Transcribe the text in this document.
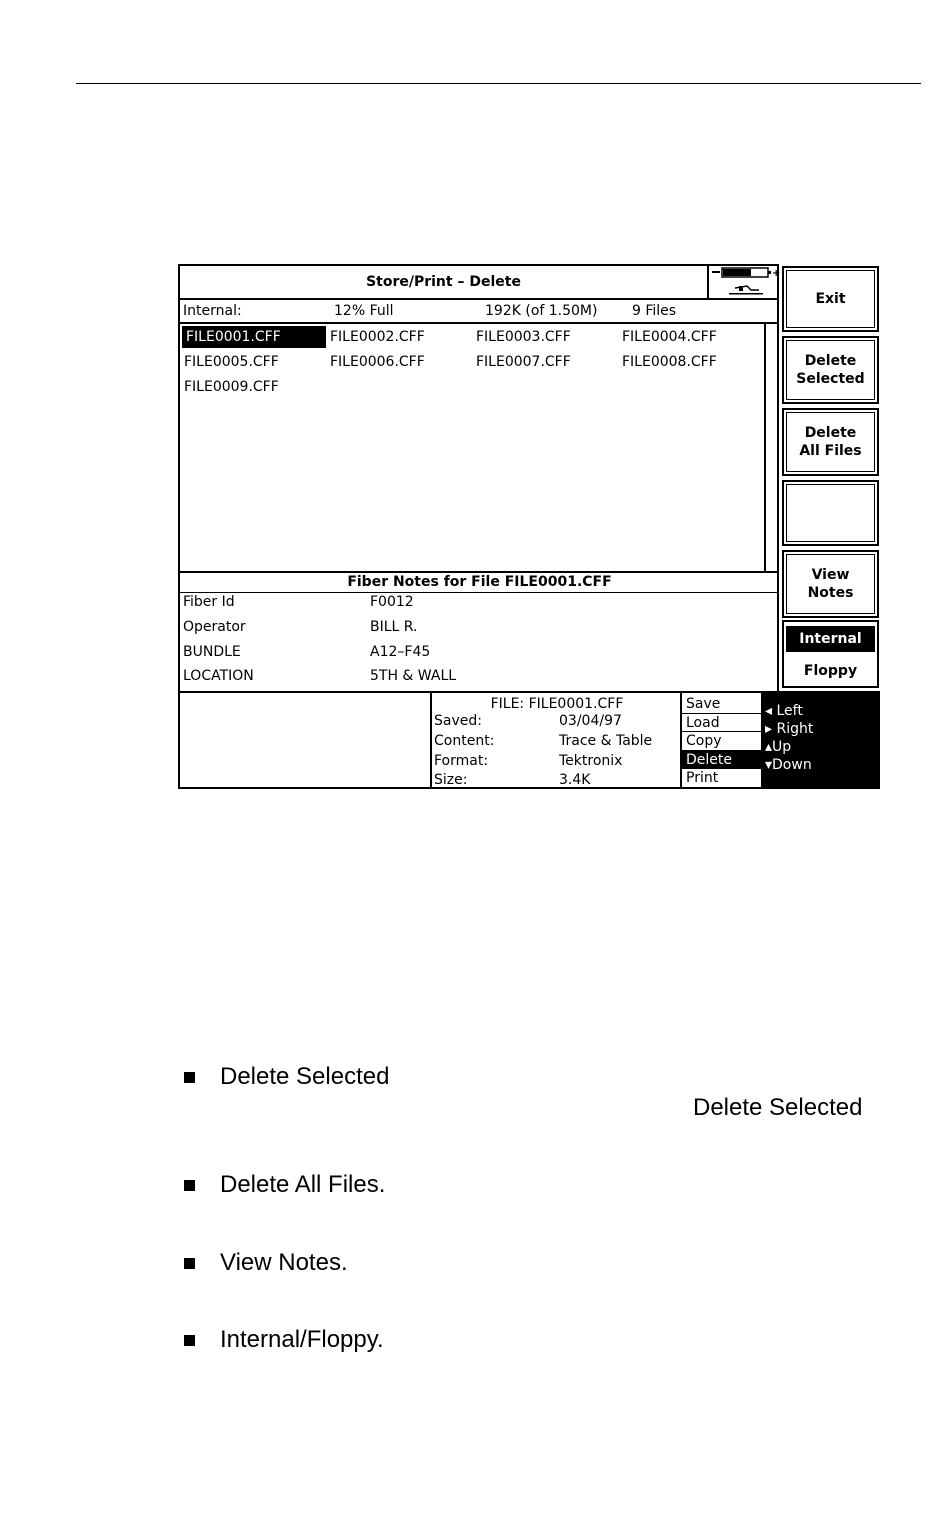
Store/Print – Delete
+
Internal:	12% Full	192K (of 1.50M) 9 Files
FILE0001.CFF	FILE0002.CFF	FILE0003.CFF	FILE0004.CFF
FILE0005.CFF	FILE0006.CFF	FILE0007.CFF	FILE0008.CFF
FILE0009.CFF
Fiber Notes for File FILE0001.CFF
Fiber Id	F0012
Operator	BILL R.
BUNDLE	A12–F45
LOCATION	5TH & WALL
FILE: FILE0001.CFF
Saved:	03/04/97
Content:	Trace & Table
Format:	Tektronix
Size:	3.4K
Save
Load
Copy
Delete
Print
◂ Left
▸ Right
▴Up
▾Down
Exit
Delete
Selected
Delete
All Files
View
Notes
Internal
Floppy
Delete Selected
Delete Selected
Delete All Files.
View Notes.
Internal/Floppy.
